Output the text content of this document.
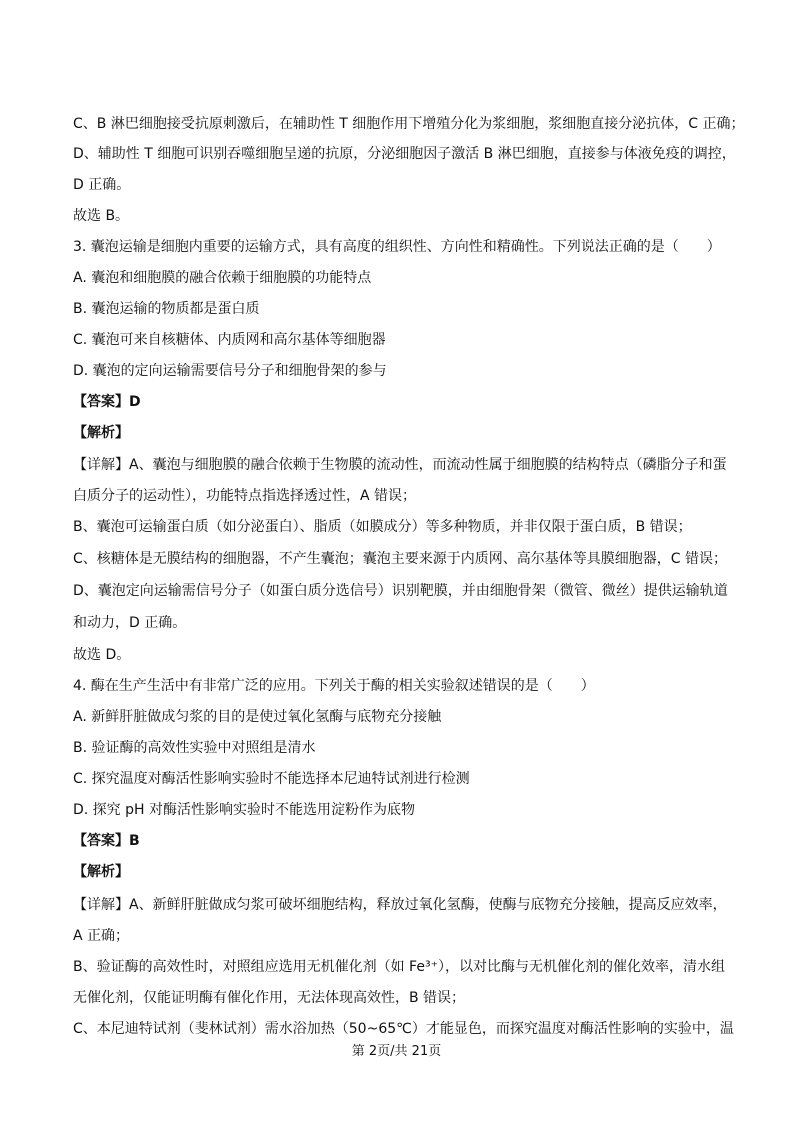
C、B 淋巴细胞接受抗原刺激后，在辅助性 T 细胞作用下增殖分化为浆细胞，浆细胞直接分泌抗体，C 正确；
D、辅助性 T 细胞可识别吞噬细胞呈递的抗原，分泌细胞因子激活 B 淋巴细胞，直接参与体液免疫的调控，
D 正确。
故选 B。
3. 囊泡运输是细胞内重要的运输方式，具有高度的组织性、方向性和精确性。下列说法正确的是（　　）
A. 囊泡和细胞膜的融合依赖于细胞膜的功能特点
B. 囊泡运输的物质都是蛋白质
C. 囊泡可来自核糖体、内质网和高尔基体等细胞器
D. 囊泡的定向运输需要信号分子和细胞骨架的参与
【答案】D
【解析】
【详解】A、囊泡与细胞膜的融合依赖于生物膜的流动性，而流动性属于细胞膜的结构特点（磷脂分子和蛋
白质分子的运动性），功能特点指选择透过性，A 错误；
B、囊泡可运输蛋白质（如分泌蛋白）、脂质（如膜成分）等多种物质，并非仅限于蛋白质，B 错误；
C、核糖体是无膜结构的细胞器，不产生囊泡；囊泡主要来源于内质网、高尔基体等具膜细胞器，C 错误；
D、囊泡定向运输需信号分子（如蛋白质分选信号）识别靶膜，并由细胞骨架（微管、微丝）提供运输轨道
和动力，D 正确。
故选 D。
4. 酶在生产生活中有非常广泛的应用。下列关于酶的相关实验叙述错误的是（　　）
A. 新鲜肝脏做成匀浆的目的是使过氧化氢酶与底物充分接触
B. 验证酶的高效性实验中对照组是清水
C. 探究温度对酶活性影响实验时不能选择本尼迪特试剂进行检测
D. 探究 pH 对酶活性影响实验时不能选用淀粉作为底物
【答案】B
【解析】
【详解】A、新鲜肝脏做成匀浆可破坏细胞结构，释放过氧化氢酶，使酶与底物充分接触，提高反应效率，
A 正确；
B、验证酶的高效性时，对照组应选用无机催化剂（如 Fe³⁺），以对比酶与无机催化剂的催化效率，清水组
无催化剂，仅能证明酶有催化作用，无法体现高效性，B 错误；
C、本尼迪特试剂（斐林试剂）需水浴加热（50~65℃）才能显色，而探究温度对酶活性影响的实验中，温
第 2页/共 21页
